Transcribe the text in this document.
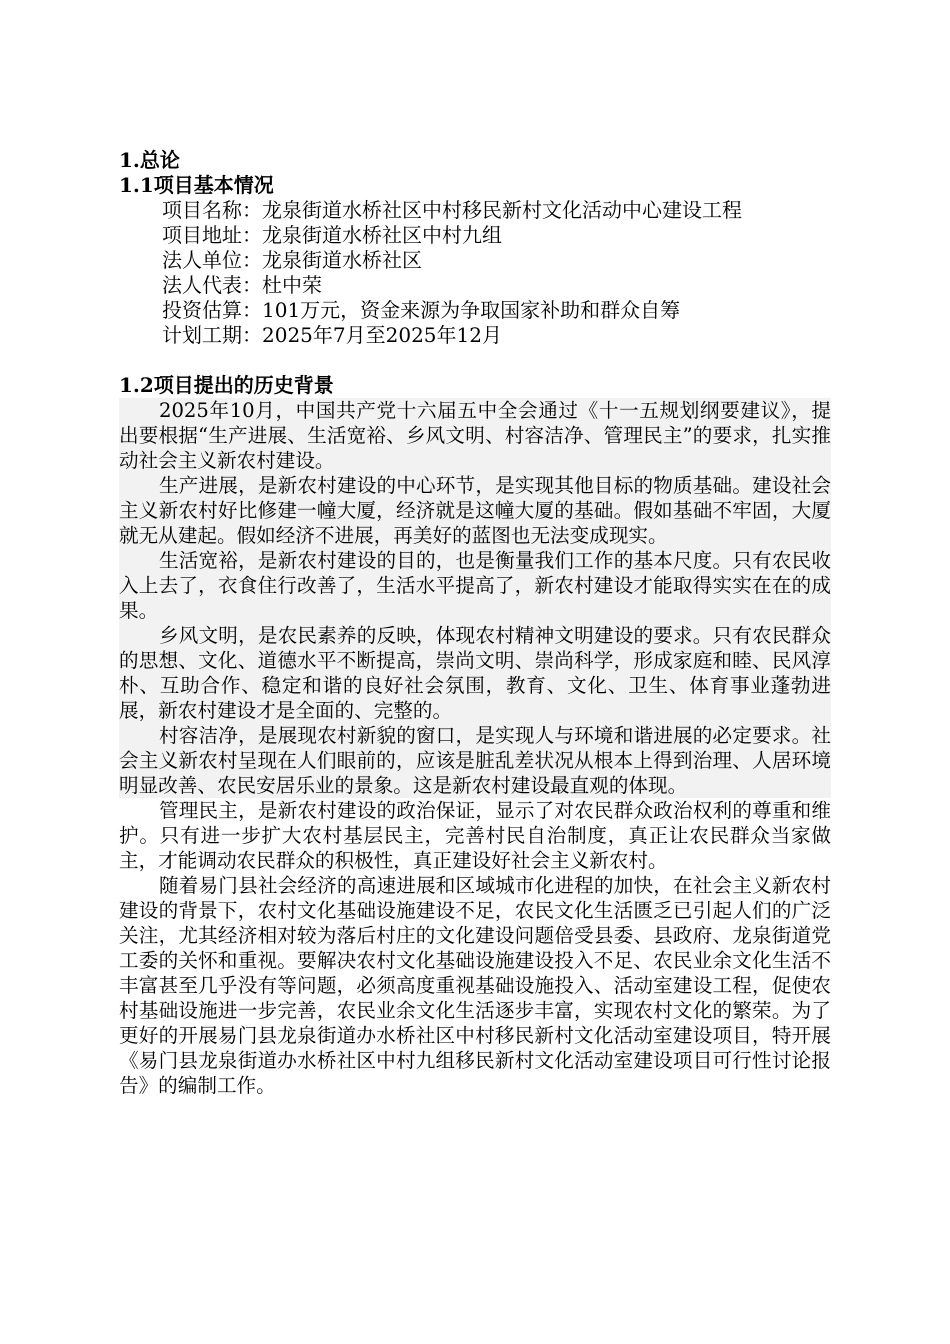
1.总论
1.1项目基本情况
项目名称：龙泉街道水桥社区中村移民新村文化活动中心建设工程
项目地址：龙泉街道水桥社区中村九组
法人单位：龙泉街道水桥社区
法人代表：杜中荣
投资估算：101万元，资金来源为争取国家补助和群众自筹
计划工期：2025年7月至2025年12月
1.2项目提出的历史背景

2025年10月，中国共产党十六届五中全会通过《十一五规划纲要建议》，提出要根据“生产进展、生活宽裕、乡风文明、村容洁净、管理民主”的要求，扎实推动社会主义新农村建设。

生产进展，是新农村建设的中心环节，是实现其他目标的物质基础。建设社会主义新农村好比修建一幢大厦，经济就是这幢大厦的基础。假如基础不牢固，大厦就无从建起。假如经济不进展，再美好的蓝图也无法变成现实。

生活宽裕，是新农村建设的目的，也是衡量我们工作的基本尺度。只有农民收入上去了，衣食住行改善了，生活水平提高了，新农村建设才能取得实实在在的成果。

乡风文明，是农民素养的反映，体现农村精神文明建设的要求。只有农民群众的思想、文化、道德水平不断提高，崇尚文明、崇尚科学，形成家庭和睦、民风淳朴、互助合作、稳定和谐的良好社会氛围，教育、文化、卫生、体育事业蓬勃进展，新农村建设才是全面的、完整的。

村容洁净，是展现农村新貌的窗口，是实现人与环境和谐进展的必定要求。社会主义新农村呈现在人们眼前的，应该是脏乱差状况从根本上得到治理、人居环境明显改善、农民安居乐业的景象。这是新农村建设最直观的体现。

管理民主，是新农村建设的政治保证，显示了对农民群众政治权利的尊重和维护。只有进一步扩大农村基层民主，完善村民自治制度，真正让农民群众当家做主，才能调动农民群众的积极性，真正建设好社会主义新农村。

随着易门县社会经济的高速进展和区域城市化进程的加快，在社会主义新农村建设的背景下，农村文化基础设施建设不足，农民文化生活匮乏已引起人们的广泛关注，尤其经济相对较为落后村庄的文化建设问题倍受县委、县政府、龙泉街道党工委的关怀和重视。要解决农村文化基础设施建设投入不足、农民业余文化生活不丰富甚至几乎没有等问题，必须高度重视基础设施投入、活动室建设工程，促使农村基础设施进一步完善，农民业余文化生活逐步丰富，实现农村文化的繁荣。为了更好的开展易门县龙泉街道办水桥社区中村移民新村文化活动室建设项目，特开展《易门县龙泉街道办水桥社区中村九组移民新村文化活动室建设项目可行性讨论报告》的编制工作。
